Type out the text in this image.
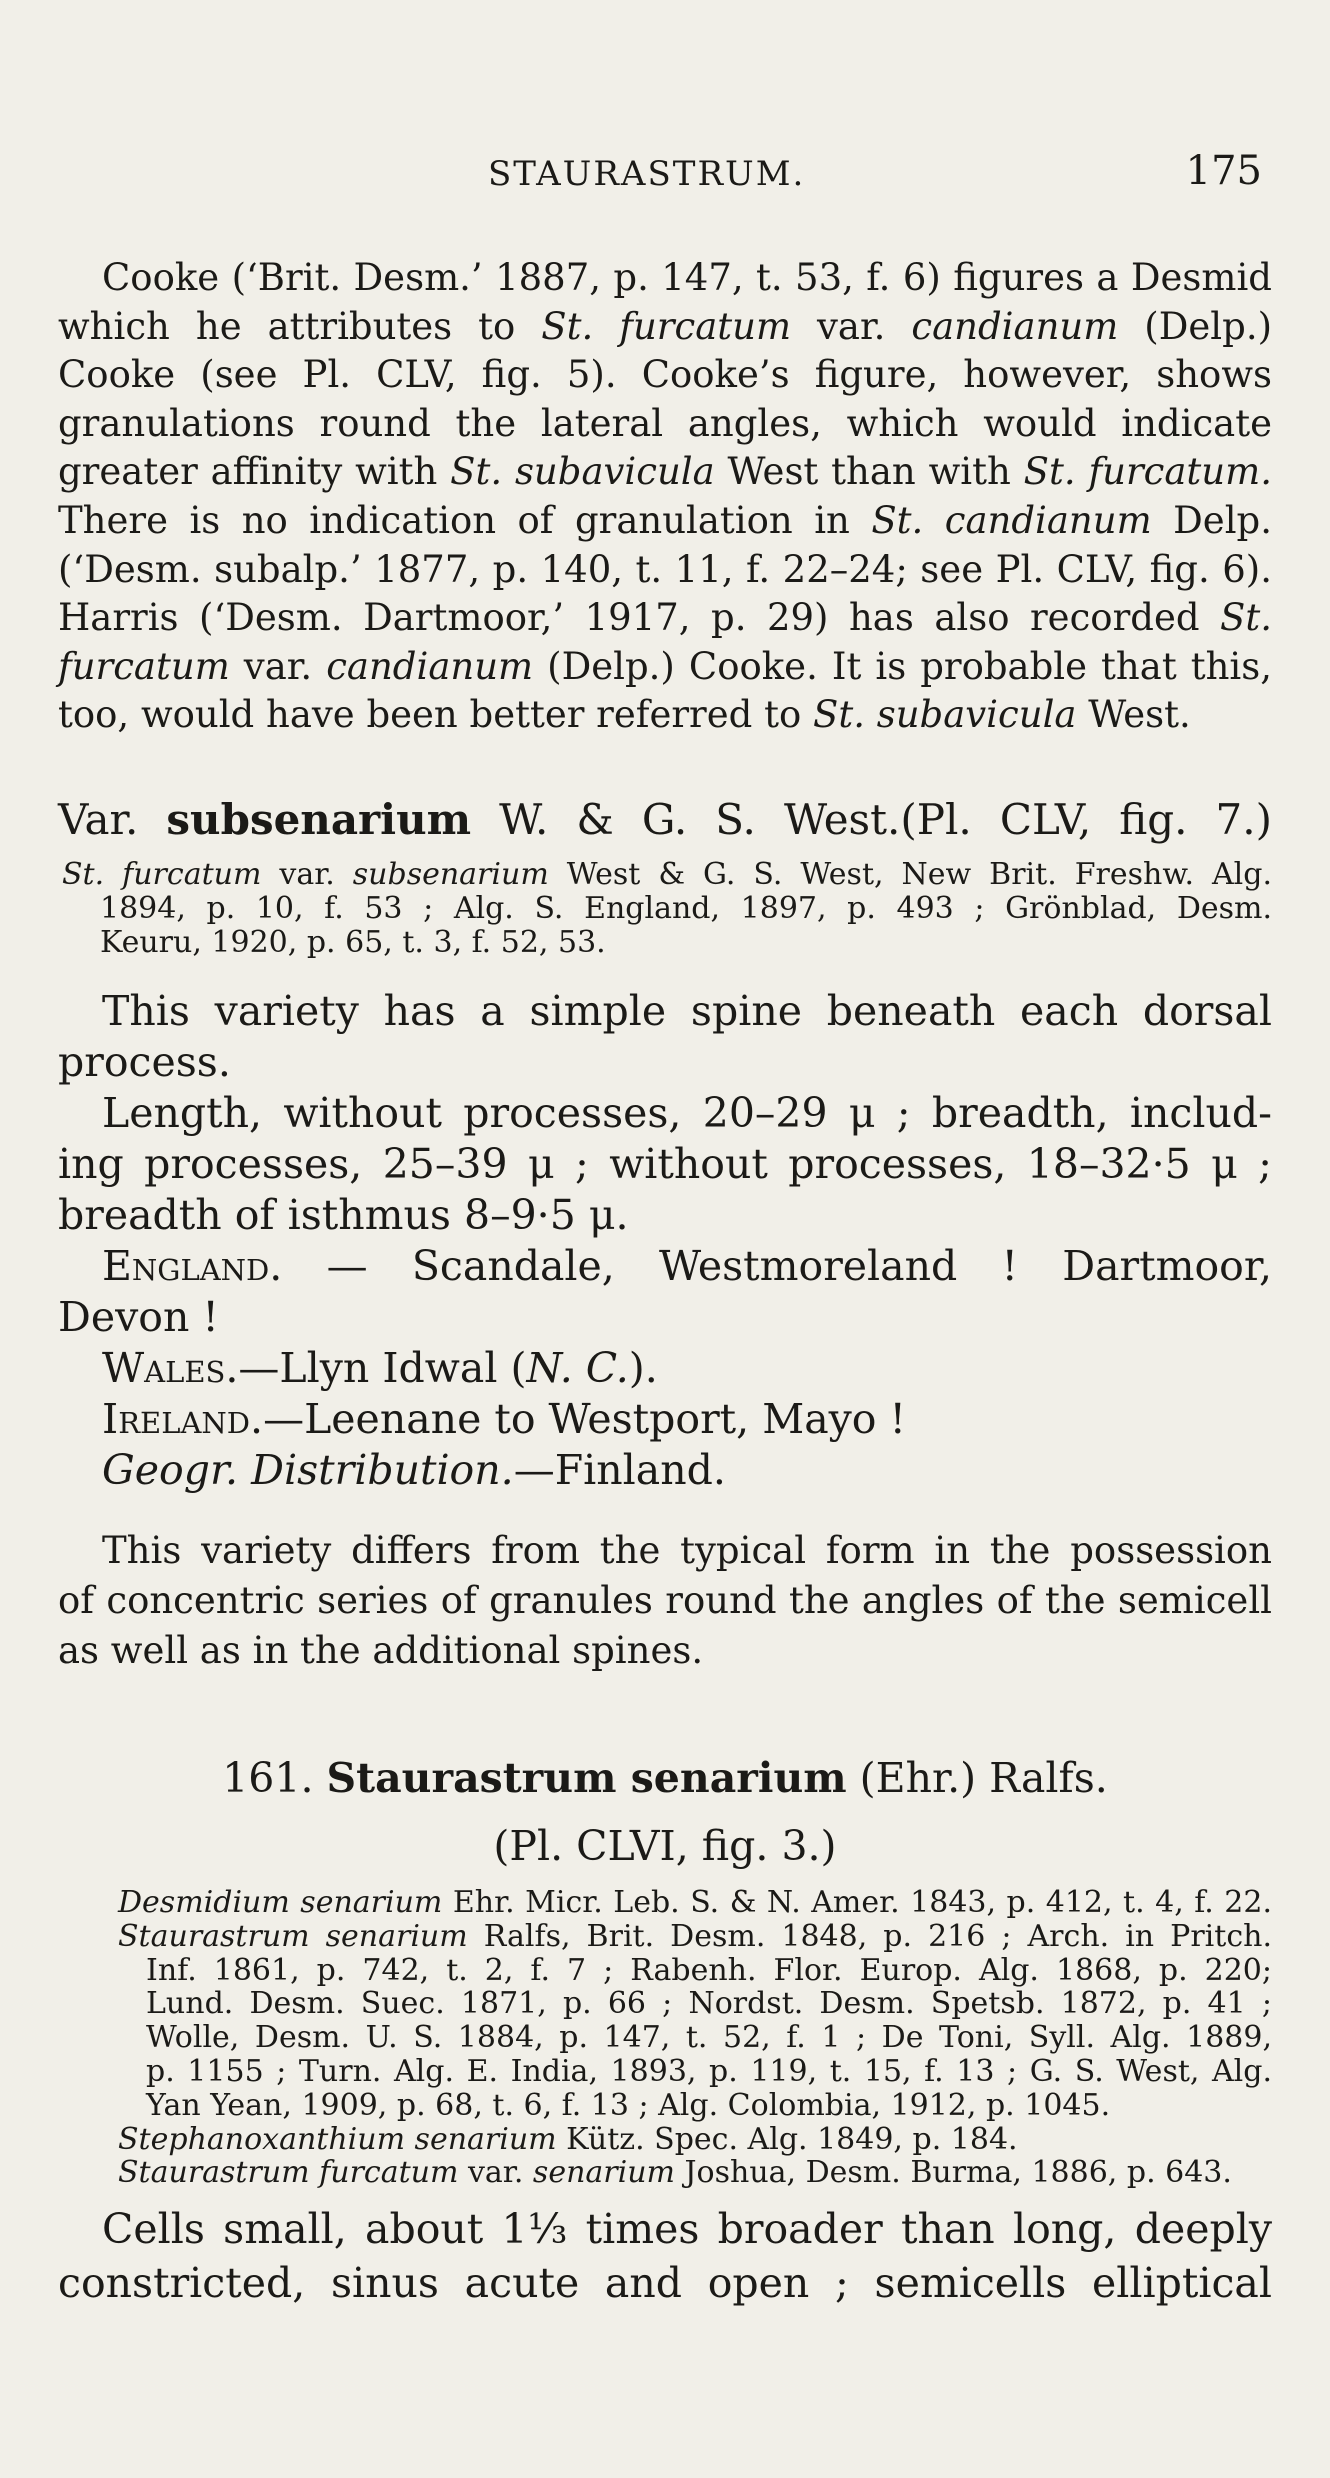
STAURASTRUM.	175
Cooke (‘Brit. Desm.’ 1887, p. 147, t. 53, f. 6) figures a Desmid
which he attributes to St. furcatum var. candianum (Delp.)
Cooke (see Pl. CLV, fig. 5). Cooke’s figure, however, shows
granulations round the lateral angles, which would indicate
greater affinity with St. subavicula West than with St. furcatum.
There is no indication of granulation in St. candianum Delp.
(‘Desm. subalp.’ 1877, p. 140, t. 11, f. 22–24; see Pl. CLV, fig. 6).
Harris (‘Desm. Dartmoor,’ 1917, p. 29) has also recorded St.
furcatum var. candianum (Delp.) Cooke. It is probable that this,
too, would have been better referred to St. subavicula West.
Var. subsenarium W. & G. S. West.(Pl. CLV, fig. 7.)
St. furcatum var. subsenarium West & G. S. West, New Brit. Freshw. Alg.
1894, p. 10, f. 53 ; Alg. S. England, 1897, p. 493 ; Grönblad, Desm.
Keuru, 1920, p. 65, t. 3, f. 52, 53.
This variety has a simple spine beneath each dorsal
process.
Length, without processes, 20–29 μ ; breadth, includ-
ing processes, 25–39 μ ; without processes, 18–32·5 μ ;
breadth of isthmus 8–9·5 μ.
England. — Scandale, Westmoreland ! Dartmoor,
Devon !
Wales.—Llyn Idwal (N. C.).
Ireland.—Leenane to Westport, Mayo !
Geogr. Distribution.—Finland.
This variety differs from the typical form in the possession
of concentric series of granules round the angles of the semicell
as well as in the additional spines.
161. Staurastrum senarium (Ehr.) Ralfs.
(Pl. CLVI, fig. 3.)
Desmidium senarium Ehr. Micr. Leb. S. & N. Amer. 1843, p. 412, t. 4, f. 22.
Staurastrum senarium Ralfs, Brit. Desm. 1848, p. 216 ; Arch. in Pritch.
Inf. 1861, p. 742, t. 2, f. 7 ; Rabenh. Flor. Europ. Alg. 1868, p. 220;
Lund. Desm. Suec. 1871, p. 66 ; Nordst. Desm. Spetsb. 1872, p. 41 ;
Wolle, Desm. U. S. 1884, p. 147, t. 52, f. 1 ; De Toni, Syll. Alg. 1889,
p. 1155 ; Turn. Alg. E. India, 1893, p. 119, t. 15, f. 13 ; G. S. West, Alg.
Yan Yean, 1909, p. 68, t. 6, f. 13 ; Alg. Colombia, 1912, p. 1045.
Stephanoxanthium senarium Kütz. Spec. Alg. 1849, p. 184.
Staurastrum furcatum var. senarium Joshua, Desm. Burma, 1886, p. 643.
Cells small, about 1⅓ times broader than long, deeply
constricted, sinus acute and open ; semicells elliptical
